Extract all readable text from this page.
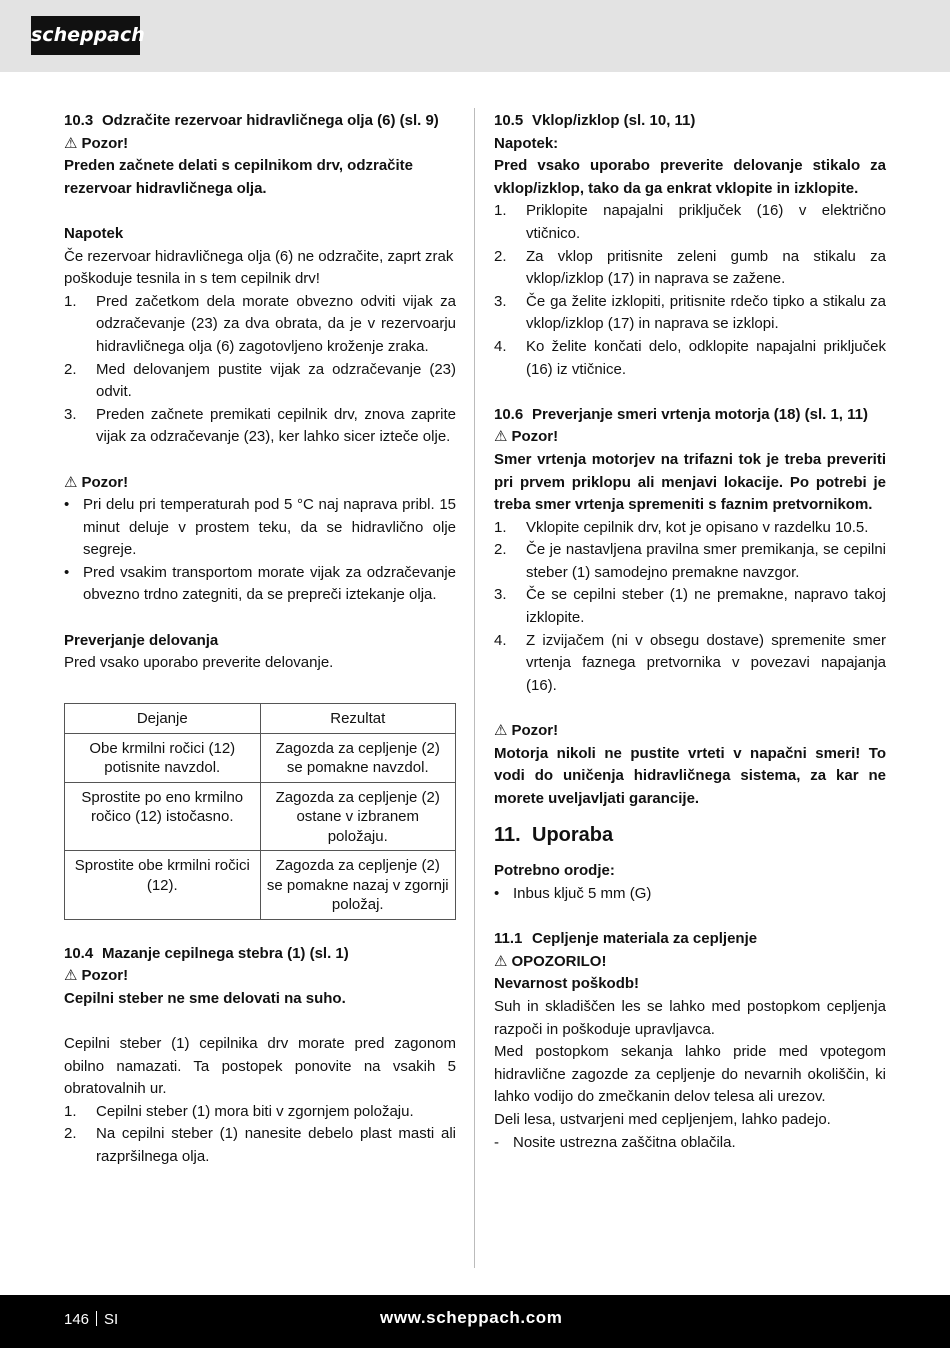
scheppach
10.3 Odzračite rezervoar hidravličnega olja (6) (sl. 9)

⚠ Pozor!

Preden začnete delati s cepilnikom drv, odzračite rezervoar hidravličnega olja.

Napotek

Če rezervoar hidravličnega olja (6) ne odzračite, zaprt zrak poškoduje tesnila in s tem cepilnik drv!

1.	Pred začetkom dela morate obvezno odviti vijak za odzračevanje (23) za dva obrata, da je v rezervoarju hidravličnega olja (6) zagotovljeno kroženje zraka.
2.	Med delovanjem pustite vijak za odzračevanje (23) odvit.
3.	Preden začnete premikati cepilnik drv, znova zaprite vijak za odzračevanje (23), ker lahko sicer izteče olje.

⚠ Pozor!

• Pri delu pri temperaturah pod 5 °C naj naprava pribl. 15 minut deluje v prostem teku, da se hidravlično olje segreje.
• Pred vsakim transportom morate vijak za odzračevanje obvezno trdno zategniti, da se prepreči iztekanje olja.

Preverjanje delovanja

Pred vsako uporabo preverite delovanje.

Dejanje	Rezultat
Obe krmilni ročici (12) potisnite navzdol.	Zagozda za cepljenje (2) se pomakne navzdol.
Sprostite po eno krmilno ročico (12) istočasno.	Zagozda za cepljenje (2) ostane v izbranem položaju.
Sprostite obe krmilni ročici (12).	Zagozda za cepljenje (2) se pomakne nazaj v zgornji položaj.
10.4 Mazanje cepilnega stebra (1) (sl. 1)

⚠ Pozor!

Cepilni steber ne sme delovati na suho.

Cepilni steber (1) cepilnika drv morate pred zagonom obilno namazati. Ta postopek ponovite na vsakih 5 obratovalnih ur.

1.	Cepilni steber (1) mora biti v zgornjem položaju.
2.	Na cepilni steber (1) nanesite debelo plast masti ali razpršilnega olja.
10.5 Vklop/izklop (sl. 10, 11)

Napotek:

Pred vsako uporabo preverite delovanje stikalo za vklop/izklop, tako da ga enkrat vklopite in izklopite.

1.	Priklopite napajalni priključek (16) v električno vtičnico.
2.	Za vklop pritisnite zeleni gumb na stikalu za vklop/izklop (17) in naprava se zažene.
3.	Če ga želite izklopiti, pritisnite rdečo tipko a stikalu za vklop/izklop (17) in naprava se izklopi.
4.	Ko želite končati delo, odklopite napajalni priključek (16) iz vtičnice.
10.6 Preverjanje smeri vrtenja motorja (18) (sl. 1, 11)

⚠ Pozor!

Smer vrtenja motorjev na trifazni tok je treba preveriti pri prvem priklopu ali menjavi lokacije. Po potrebi je treba smer vrtenja spremeniti s faznim pretvornikom.

1.	Vklopite cepilnik drv, kot je opisano v razdelku 10.5.
2.	Če je nastavljena pravilna smer premikanja, se cepilni steber (1) samodejno premakne navzgor.
3.	Če se cepilni steber (1) ne premakne, napravo takoj izklopite.
4.	Z izvijačem (ni v obsegu dostave) spremenite smer vrtenja faznega pretvornika v povezavi napajanja (16).

⚠ Pozor!

Motorja nikoli ne pustite vrteti v napačni smeri! To vodi do uničenja hidravličnega sistema, za kar ne morete uveljavljati garancije.

11. Uporaba

Potrebno orodje:

• Inbus ključ 5 mm (G)
11.1 Cepljenje materiala za cepljenje

⚠ OPOZORILO!

Nevarnost poškodb!

Suh in skladiščen les se lahko med postopkom cepljenja razpoči in poškoduje upravljavca.

Med postopkom sekanja lahko pride med vpotegom hidravlične zagozde za cepljenje do nevarnih okoliščin, ki lahko vodijo do zmečkanin delov telesa ali urezov.

Deli lesa, ustvarjeni med cepljenjem, lahko padejo.

- Nosite ustrezna zaščitna oblačila.
146 SI	www.scheppach.com
